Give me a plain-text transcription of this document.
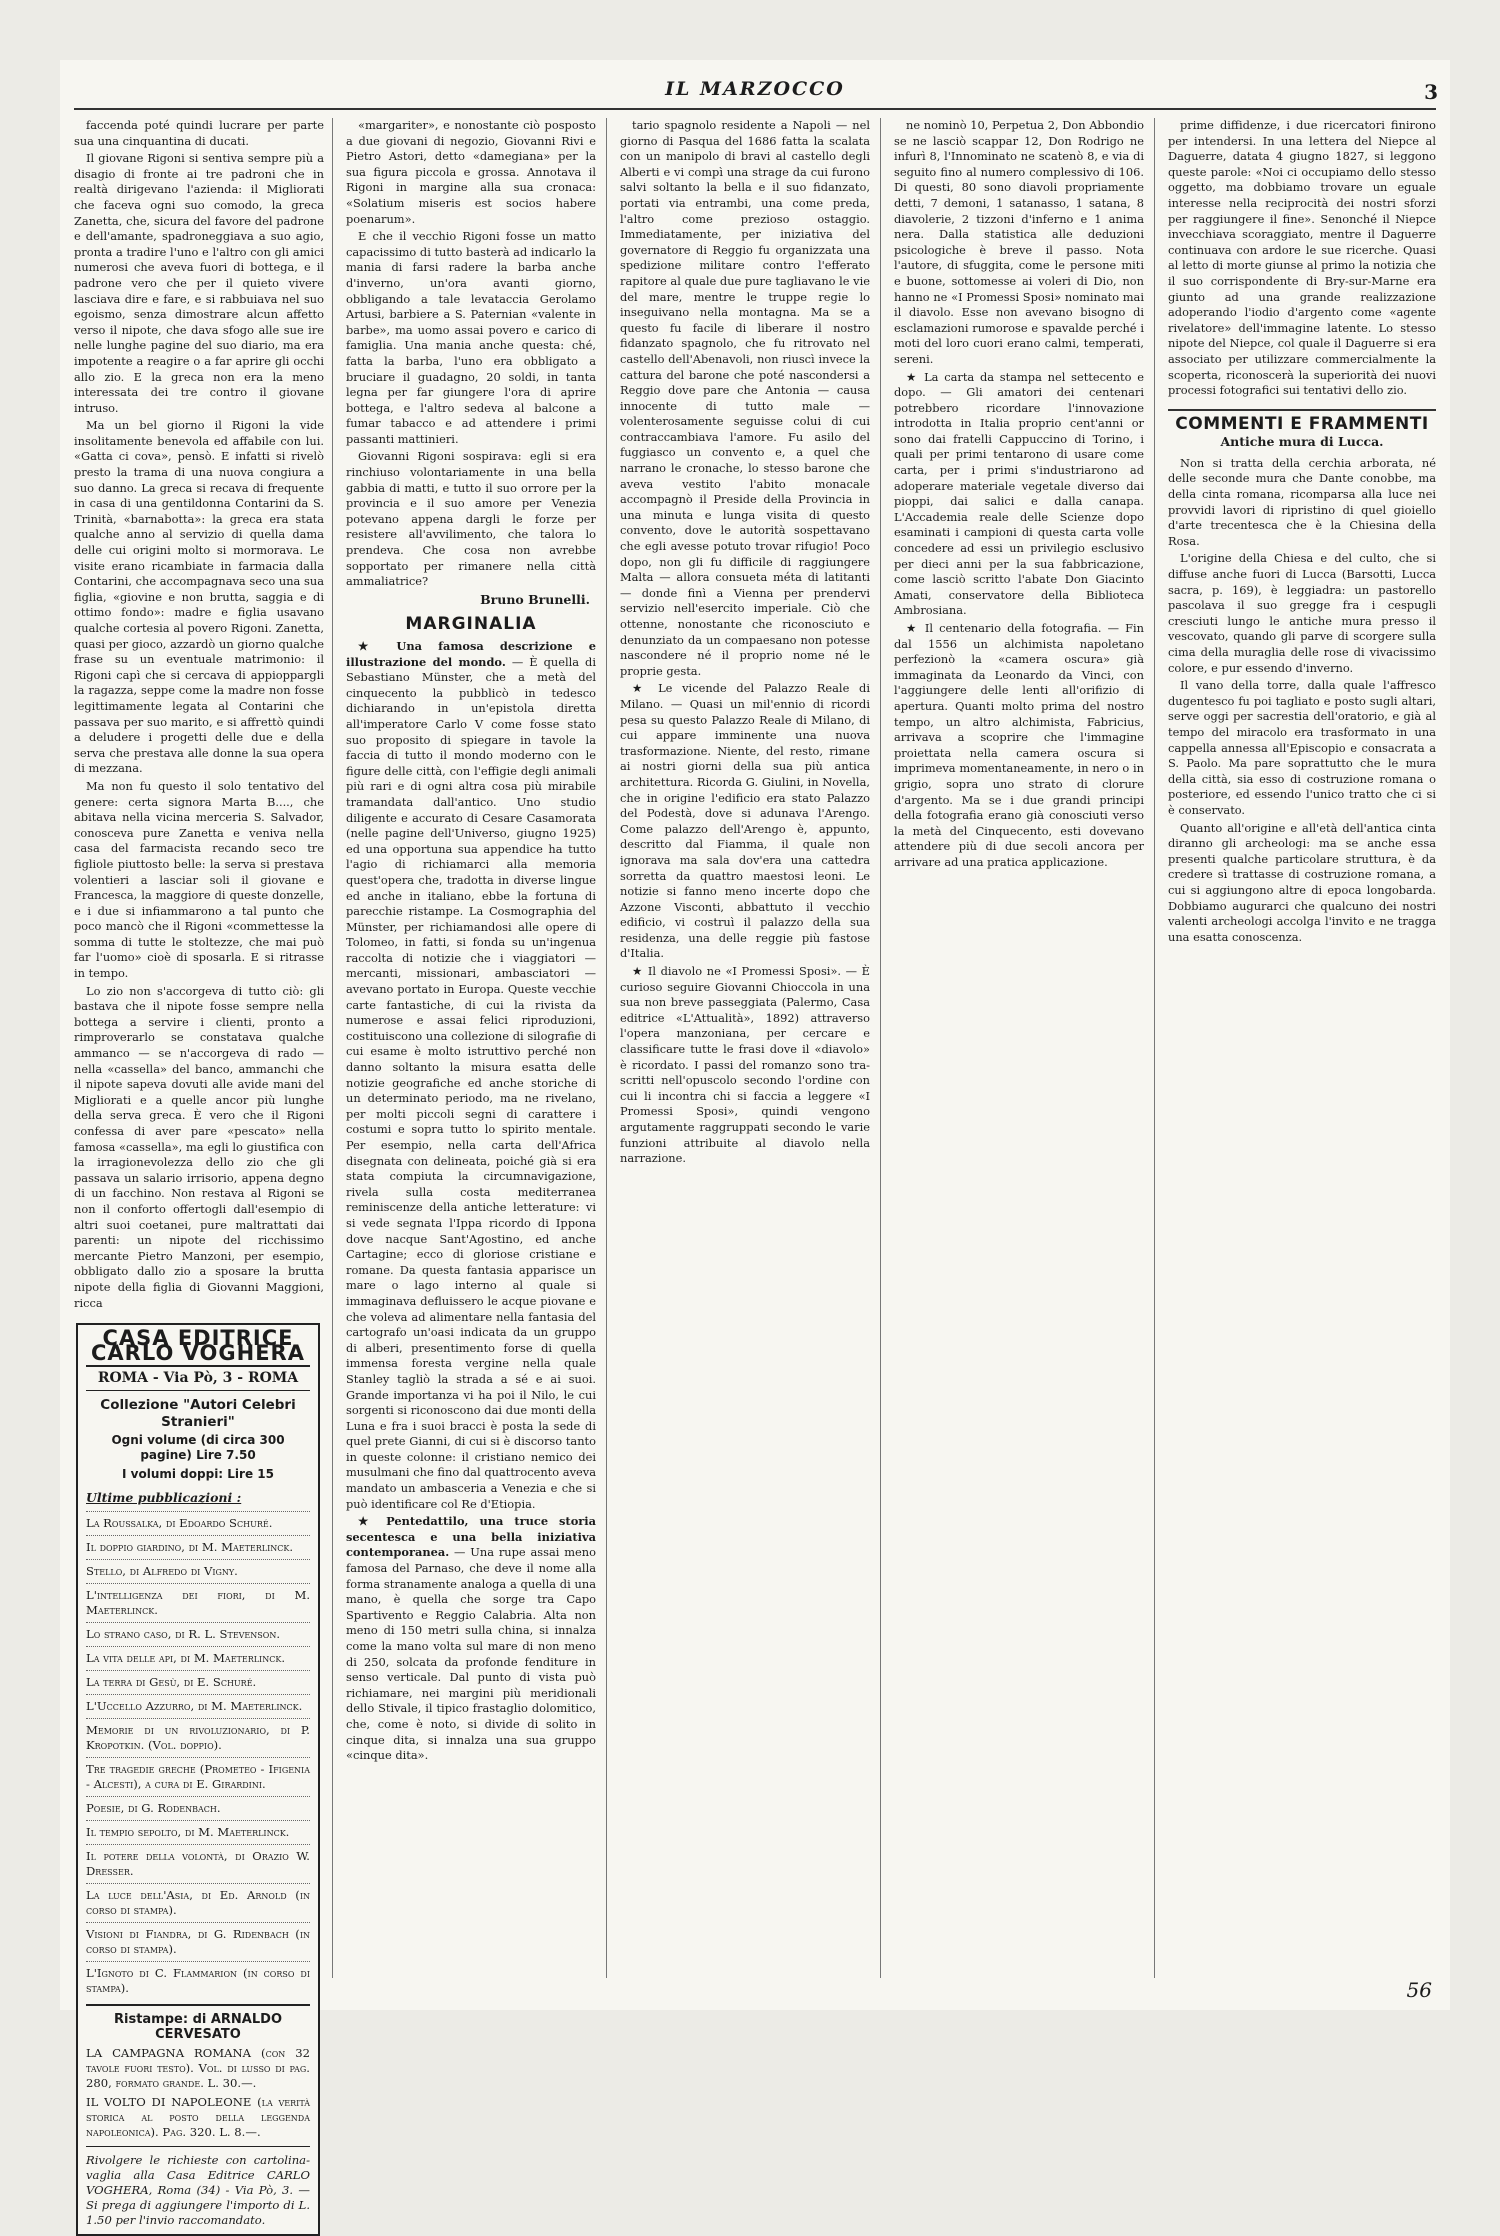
IL MARZOCCO	3

faccenda poté quindi lucrare per parte sua una cinquantina di ducati.

Il giovane Rigoni si sentiva sempre più a disagio di fronte ai tre padroni che in realtà dirigevano l'azienda: il Migliorati che faceva ogni suo comodo, la greca Zanetta, che, sicura del favore del padrone e dell'amante, spadroneggiava a suo agio, pronta a tradire l'uno e l'altro con gli amici numerosi che aveva fuori di bottega, e il padrone vero che per il quieto vivere lasciava dire e fare, e si rabbuiava nel suo egoismo, senza dimostrare alcun affetto verso il nipote, che dava sfogo alle sue ire nelle lunghe pagine del suo diario, ma era impotente a reagire o a far aprire gli occhi allo zio. E la greca non era la meno interessata dei tre contro il giovane intruso.

Ma un bel giorno il Rigoni la vide insolitamente benevola ed affabile con lui. «Gatta ci cova», pensò. E infatti si rivelò presto la trama di una nuova congiura a suo danno. La greca si recava di frequente in casa di una gentildonna Contarini da S. Trinità, «barnabotta»: la greca era stata qualche anno al servizio di quella dama delle cui origini molto si mormorava. Le visite erano ricambiate in farmacia dalla Contarini, che accompagnava seco una sua figlia, «giovine e non brutta, saggia e di ottimo fondo»: madre e figlia usavano qualche cortesia al povero Rigoni. Zanetta, quasi per gioco, azzardò un giorno qualche frase su un eventuale matrimonio: il Rigoni capì che si cercava di appioppargli la ragazza, seppe come la madre non fosse legittimamente legata al Contarini che passava per suo marito, e si affrettò quindi a deludere i progetti delle due e della serva che prestava alle donne la sua opera di mezzana.

Ma non fu questo il solo tentativo del genere: certa signora Marta B...., che abitava nella vicina merceria S. Salvador, conosceva pure Zanetta e veniva nella casa del farmacista recando seco tre figliole piuttosto belle: la serva si prestava volentieri a lasciar soli il giovane e Francesca, la maggiore di queste donzelle, e i due si infiammarono a tal punto che poco mancò che il Rigoni «commettesse la somma di tutte le stoltezze, che mai può far l'uomo» cioè di sposarla. E si ritrasse in tempo.

Lo zio non s'accorgeva di tutto ciò: gli bastava che il nipote fosse sempre nella bottega a servire i clienti, pronto a rimproverarlo se constatava qualche ammanco — se n'accorgeva di rado — nella «cassella» del banco, ammanchi che il nipote sapeva dovuti alle avide mani del Migliorati e a quelle ancor più lunghe della serva greca. È vero che il Rigoni confessa di aver pare «pescato» nella famosa «cassella», ma egli lo giustifica con la irragionevolezza dello zio che gli passava un salario irrisorio, appena degno di un facchino. Non restava al Rigoni se non il conforto offertogli dall'esempio di altri suoi coetanei, pure maltrattati dai parenti: un nipote del ricchissimo mercante Pietro Manzoni, per esempio, obbligato dallo zio a sposare la brutta nipote della figlia di Giovanni Maggioni, ricca

CASA EDITRICE CARLO VOGHERA
ROMA - Via Pò, 3 - ROMA
Collezione "Autori Celebri Stranieri"
Ogni volume (di circa 300 pagine) Lire 7.50
I volumi doppi: Lire 15
Ultime pubblicazioni :
La Roussalka, di Edoardo Schuré.
Il doppio giardino, di M. Maeterlinck.
Stello, di Alfredo di Vigny.
L'intelligenza dei fiori, di M. Maeterlinck.
Lo strano caso, di R. L. Stevenson.
La vita delle api, di M. Maeterlinck.
La terra di Gesù, di E. Schuré.
L'Uccello Azzurro, di M. Maeterlinck.
Memorie di un rivoluzionario, di P. Kropotkin. (Vol. doppio).
Tre tragedie greche (Prometeo - Ifigenia - Alcesti), a cura di E. Girardini.
Poesie, di G. Rodenbach.
Il tempio sepolto, di M. Maeterlinck.
Il potere della volontà, di Orazio W. Dresser.
La luce dell'Asia, di Ed. Arnold (in corso di stampa).
Visioni di Fiandra, di G. Ridenbach (in corso di stampa).
L'Ignoto di C. Flammarion (in corso di stampa).
Ristampe: di ARNALDO CERVESATO
LA CAMPAGNA ROMANA (con 32 tavole fuori testo). Vol. di lusso di pag. 280, formato grande. L. 30.—.
IL VOLTO DI NAPOLEONE (la verità storica al posto della leggenda napoleonica). Pag. 320. L. 8.—.
Rivolgere le richieste con cartolina-vaglia alla Casa Editrice CARLO VOGHERA, Roma (34) - Via Pò, 3. — Si prega di aggiungere l'importo di L. 1.50 per l'invio raccomandato.

«margariter», e nonostante ciò posposto a due giovani di negozio, Giovanni Rivi e Pietro Astori, detto «damegiana» per la sua figura piccola e grossa. Annotava il Rigoni in margine alla sua cronaca: «Solatium miseris est socios habere poenarum».

E che il vecchio Rigoni fosse un matto capacissimo di tutto basterà ad indicarlo la mania di farsi radere la barba anche d'inverno, un'ora avanti giorno, obbligando a tale levataccia Gerolamo Artusi, barbiere a S. Paternian «valente in barbe», ma uomo assai povero e carico di famiglia. Una mania anche questa: ché, fatta la barba, l'uno era obbligato a bruciare il guadagno, 20 soldi, in tanta legna per far giungere l'ora di aprire bottega, e l'altro sedeva al balcone a fumar tabacco e ad attendere i primi passanti mattinieri.

Giovanni Rigoni sospirava: egli si era rinchiuso volontariamente in una bella gabbia di matti, e tutto il suo orrore per la provincia e il suo amore per Venezia potevano appena dargli le forze per resistere all'avvilimento, che talora lo prendeva. Che cosa non avrebbe sopportato per rimanere nella città ammaliatrice?

Bruno Brunelli.
MARGINALIA

★ Una famosa descrizione e illustrazione del mondo. — È quella di Sebastiano Münster, che a metà del cinquecento la pubblicò in tedesco dichiarando in un'epistola diretta all'imperatore Carlo V come fosse stato suo proposito di spiegare in tavole la faccia di tutto il mondo moderno con le figure delle città, con l'effigie degli animali più rari e di ogni altra cosa più mirabile tramandata dall'antico. Uno studio diligente e accurato di Cesare Casamorata (nelle pagine dell'Universo, giugno 1925) ed una opportuna sua appendice ha tutto l'agio di richiamarci alla memoria quest'opera che, tradotta in diverse lingue ed anche in italiano, ebbe la fortuna di parecchie ristampe. La Cosmographia del Münster, per richiamandosi alle opere di Tolomeo, in fatti, si fonda su un'ingenua raccolta di notizie che i viaggiatori — mercanti, missionari, ambasciatori — avevano portato in Europa. Queste vecchie carte fantastiche, di cui la rivista da numerose e assai felici riproduzioni, costituiscono una collezione di silografie di cui esame è molto istruttivo perché non danno soltanto la misura esatta delle notizie geografiche ed anche storiche di un determinato periodo, ma ne rivelano, per molti piccoli segni di carattere i costumi e sopra tutto lo spirito mentale. Per esempio, nella carta dell'Africa disegnata con delineata, poiché già si era stata compiuta la circumnavigazione, rivela sulla costa mediterranea reminiscenze della antiche letterature: vi si vede segnata l'Ippa ricordo di Ippona dove nacque Sant'Agostino, ed anche Cartagine; ecco di gloriose cristiane e romane. Da questa fantasia apparisce un mare o lago interno al quale si immaginava defluissero le acque piovane e che voleva ad alimentare nella fantasia del cartografo un'oasi indicata da un gruppo di alberi, presentimento forse di quella immensa foresta vergine nella quale Stanley tagliò la strada a sé e ai suoi. Grande importanza vi ha poi il Nilo, le cui sorgenti si riconoscono dai due monti della Luna e fra i suoi bracci è posta la sede di quel prete Gianni, di cui si è discorso tanto in queste colonne: il cristiano nemico dei musulmani che fino dal quattrocento aveva mandato un ambasceria a Venezia e che si può identificare col Re d'Etiopia.

★ Pentedattilo, una truce storia secentesca e una bella iniziativa contemporanea. — Una rupe assai meno famosa del Parnaso, che deve il nome alla forma stranamente analoga a quella di una mano, è quella che sorge tra Capo Spartivento e Reggio Calabria. Alta non meno di 150 metri sulla china, si innalza come la mano volta sul mare di non meno di 250, solcata da profonde fenditure in senso verticale. Dal punto di vista può richiamare, nei margini più meridionali dello Stivale, il tipico frastaglio dolomitico, che, come è noto, si divide di solito in cinque dita, si innalza una sua gruppo «cinque dita».

tario spagnolo residente a Napoli — nel giorno di Pasqua del 1686 fatta la scalata con un manipolo di bravi al castello degli Alberti e vi compì una strage da cui furono salvi soltanto la bella e il suo fidanzato, portati via entrambi, una come preda, l'altro come prezioso ostaggio. Immediatamente, per iniziativa del governatore di Reggio fu organizzata una spedizione militare contro l'efferato rapitore al quale due pure tagliavano le vie del mare, mentre le truppe regie lo inseguivano nella montagna. Ma se a questo fu facile di liberare il nostro fidanzato spagnolo, che fu ritrovato nel castello dell'Abenavoli, non riuscì invece la cattura del barone che poté nascondersi a Reggio dove pare che Antonia — causa innocente di tutto male — volenterosamente seguisse colui di cui contraccambiava l'amore. Fu asilo del fuggiasco un convento e, a quel che narrano le cronache, lo stesso barone che aveva vestito l'abito monacale accompagnò il Preside della Provincia in una minuta e lunga visita di questo convento, dove le autorità sospettavano che egli avesse potuto trovar rifugio! Poco dopo, non gli fu difficile di raggiungere Malta — allora consueta méta di latitanti — donde finì a Vienna per prendervi servizio nell'esercito imperiale. Ciò che ottenne, nonostante che riconosciuto e denunziato da un compaesano non potesse nascondere né il proprio nome né le proprie gesta.

★ Le vicende del Palazzo Reale di Milano. — Quasi un mil'ennio di ricordi pesa su questo Palazzo Reale di Milano, di cui appare imminente una nuova trasformazione. Niente, del resto, rimane ai nostri giorni della sua più antica architettura. Ricorda G. Giulini, in Novella, che in origine l'edificio era stato Palazzo del Podestà, dove si adunava l'Arengo. Come palazzo dell'Arengo è, appunto, descritto dal Fiamma, il quale non ignorava ma sala dov'era una cattedra sorretta da quattro maestosi leoni. Le notizie si fanno meno incerte dopo che Azzone Visconti, abbattuto il vecchio edificio, vi costruì il palazzo della sua residenza, una delle reggie più fastose d'Italia.

★ Il diavolo ne «I Promessi Sposi». — È curioso seguire Giovanni Chioccola in una sua non breve passeggiata (Palermo, Casa editrice «L'Attualità», 1892) attraverso l'opera manzoniana, per cercare e classificare tutte le frasi dove il «diavolo» è ricordato. I passi del romanzo sono tra-scritti nell'opuscolo secondo l'ordine con cui li incontra chi si faccia a leggere «I Promessi Sposi», quindi vengono argutamente raggruppati secondo le varie funzioni attribuite al diavolo nella narrazione.

ne nominò 10, Perpetua 2, Don Abbondio se ne lasciò scappar 12, Don Rodrigo ne infurì 8, l'Innominato ne scatenò 8, e via di seguito fino al numero complessivo di 106. Di questi, 80 sono diavoli propriamente detti, 7 demoni, 1 satanasso, 1 satana, 8 diavolerie, 2 tizzoni d'inferno e 1 anima nera. Dalla statistica alle deduzioni psicologiche è breve il passo. Nota l'autore, di sfuggita, come le persone miti e buone, sottomesse ai voleri di Dio, non hanno ne «I Promessi Sposi» nominato mai il diavolo. Esse non avevano bisogno di esclamazioni rumorose e spavalde perché i moti del loro cuori erano calmi, temperati, sereni.

★ La carta da stampa nel settecento e dopo. — Gli amatori dei centenari potrebbero ricordare l'innovazione introdotta in Italia proprio cent'anni or sono dai fratelli Cappuccino di Torino, i quali per primi tentarono di usare come carta, per i primi s'industriarono ad adoperare materiale vegetale diverso dai pioppi, dai salici e dalla canapa. L'Accademia reale delle Scienze dopo esaminati i campioni di questa carta volle concedere ad essi un privilegio esclusivo per dieci anni per la sua fabbricazione, come lasciò scritto l'abate Don Giacinto Amati, conservatore della Biblioteca Ambrosiana.

★ Il centenario della fotografia. — Fin dal 1556 un alchimista napoletano perfezionò la «camera oscura» già immaginata da Leonardo da Vinci, con l'aggiungere delle lenti all'orifizio di apertura. Quanti molto prima del nostro tempo, un altro alchimista, Fabricius, arrivava a scoprire che l'immagine proiettata nella camera oscura si imprimeva momentaneamente, in nero o in grigio, sopra uno strato di clorure d'argento. Ma se i due grandi principi della fotografia erano già conosciuti verso la metà del Cinquecento, esti dovevano attendere più di due secoli ancora per arrivare ad una pratica applicazione.

prime diffidenze, i due ricercatori finirono per intendersi. In una lettera del Niepce al Daguerre, datata 4 giugno 1827, si leggono queste parole: «Noi ci occupiamo dello stesso oggetto, ma dobbiamo trovare un eguale interesse nella reciprocità dei nostri sforzi per raggiungere il fine». Senonché il Niepce invecchiava scoraggiato, mentre il Daguerre continuava con ardore le sue ricerche. Quasi al letto di morte giunse al primo la notizia che il suo corrispondente di Bry-sur-Marne era giunto ad una grande realizzazione adoperando l'iodio d'argento come «agente rivelatore» dell'immagine latente. Lo stesso nipote del Niepce, col quale il Daguerre si era associato per utilizzare commercialmente la scoperta, riconoscerà la superiorità dei nuovi processi fotografici sui tentativi dello zio.

COMMENTI E FRAMMENTI
Antiche mura di Lucca.

Non si tratta della cerchia arborata, né delle seconde mura che Dante conobbe, ma della cinta romana, ricomparsa alla luce nei provvidi lavori di ripristino di quel gioiello d'arte trecentesca che è la Chiesina della Rosa.

L'origine della Chiesa e del culto, che si diffuse anche fuori di Lucca (Barsotti, Lucca sacra, p. 169), è leggiadra: un pastorello pascolava il suo gregge fra i cespugli cresciuti lungo le antiche mura presso il vescovato, quando gli parve di scorgere sulla cima della muraglia delle rose di vivacissimo colore, e pur essendo d'inverno.

Il vano della torre, dalla quale l'affresco dugentesco fu poi tagliato e posto sugli altari, serve oggi per sacrestia dell'oratorio, e già al tempo del miracolo era trasformato in una cappella annessa all'Episcopio e consacrata a S. Paolo. Ma pare soprattutto che le mura della città, sia esso di costruzione romana o posteriore, ed essendo l'unico tratto che ci si è conservato.

Quanto all'origine e all'età dell'antica cinta diranno gli archeologi: ma se anche essa presenti qualche particolare struttura, è da credere sì trattasse di costruzione romana, a cui si aggiungono altre di epoca longobarda. Dobbiamo augurarci che qualcuno dei nostri valenti archeologi accolga l'invito e ne tragga una esatta conoscenza.

56
